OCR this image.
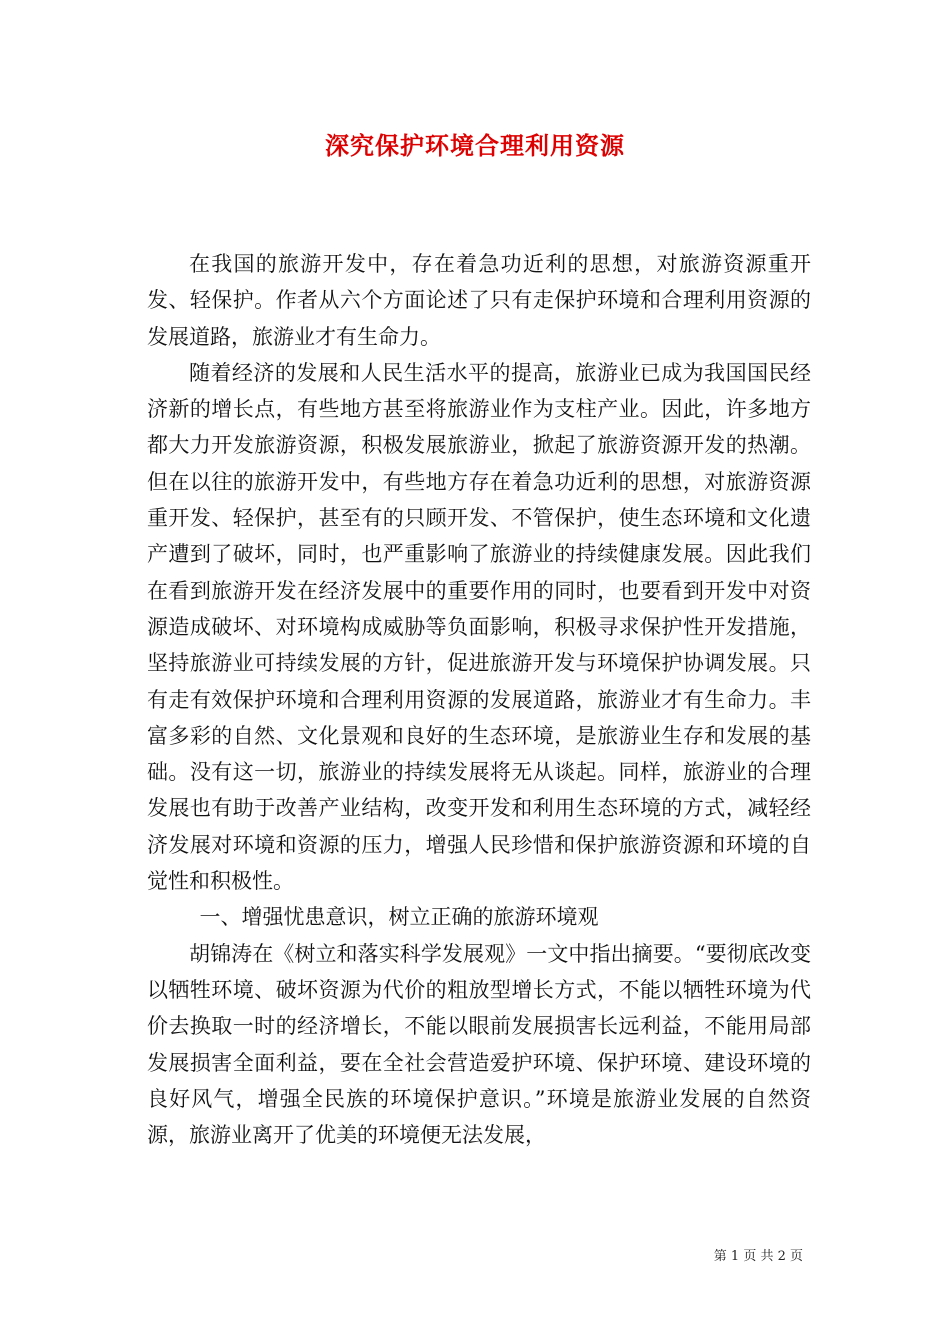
深究保护环境合理利用资源

在我国的旅游开发中，存在着急功近利的思想，对旅游资源重开发、轻保护。作者从六个方面论述了只有走保护环境和合理利用资源的发展道路，旅游业才有生命力。

随着经济的发展和人民生活水平的提高，旅游业已成为我国国民经济新的增长点，有些地方甚至将旅游业作为支柱产业。因此，许多地方都大力开发旅游资源，积极发展旅游业，掀起了旅游资源开发的热潮。但在以往的旅游开发中，有些地方存在着急功近利的思想，对旅游资源重开发、轻保护，甚至有的只顾开发、不管保护，使生态环境和文化遗产遭到了破坏，同时，也严重影响了旅游业的持续健康发展。因此我们在看到旅游开发在经济发展中的重要作用的同时，也要看到开发中对资源造成破坏、对环境构成威胁等负面影响，积极寻求保护性开发措施，坚持旅游业可持续发展的方针，促进旅游开发与环境保护协调发展。只有走有效保护环境和合理利用资源的发展道路，旅游业才有生命力。丰富多彩的自然、文化景观和良好的生态环境，是旅游业生存和发展的基础。没有这一切，旅游业的持续发展将无从谈起。同样，旅游业的合理发展也有助于改善产业结构，改变开发和利用生态环境的方式，减轻经济发展对环境和资源的压力，增强人民珍惜和保护旅游资源和环境的自觉性和积极性。

一、增强忧患意识，树立正确的旅游环境观

胡锦涛在《树立和落实科学发展观》一文中指出摘要。“要彻底改变以牺牲环境、破坏资源为代价的粗放型增长方式，不能以牺牲环境为代价去换取一时的经济增长，不能以眼前发展损害长远利益，不能用局部发展损害全面利益，要在全社会营造爱护环境、保护环境、建设环境的良好风气，增强全民族的环境保护意识。”环境是旅游业发展的自然资源，旅游业离开了优美的环境便无法发展，

第 1 页 共 2 页
